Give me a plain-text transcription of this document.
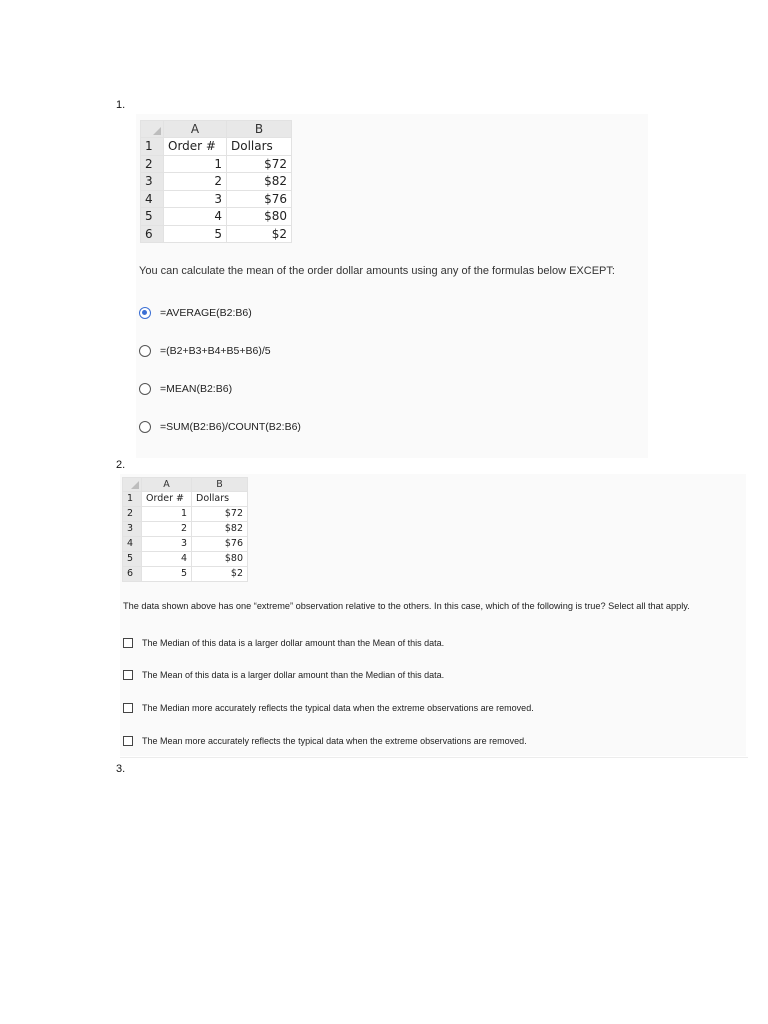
1.
	A	B
1	Order #	Dollars
2	1	$72
3	2	$82
4	3	$76
5	4	$80
6	5	$2
You can calculate the mean of the order dollar amounts using any of the formulas below EXCEPT:
=AVERAGE(B2:B6)
=(B2+B3+B4+B5+B6)/5
=MEAN(B2:B6)
=SUM(B2:B6)/COUNT(B2:B6)
2.
	A	B
1	Order #	Dollars
2	1	$72
3	2	$82
4	3	$76
5	4	$80
6	5	$2
The data shown above has one “extreme” observation relative to the others. In this case, which of the following is true? Select all that apply.
The Median of this data is a larger dollar amount than the Mean of this data.
The Mean of this data is a larger dollar amount than the Median of this data.
The Median more accurately reflects the typical data when the extreme observations are removed.
The Mean more accurately reflects the typical data when the extreme observations are removed.
3.
